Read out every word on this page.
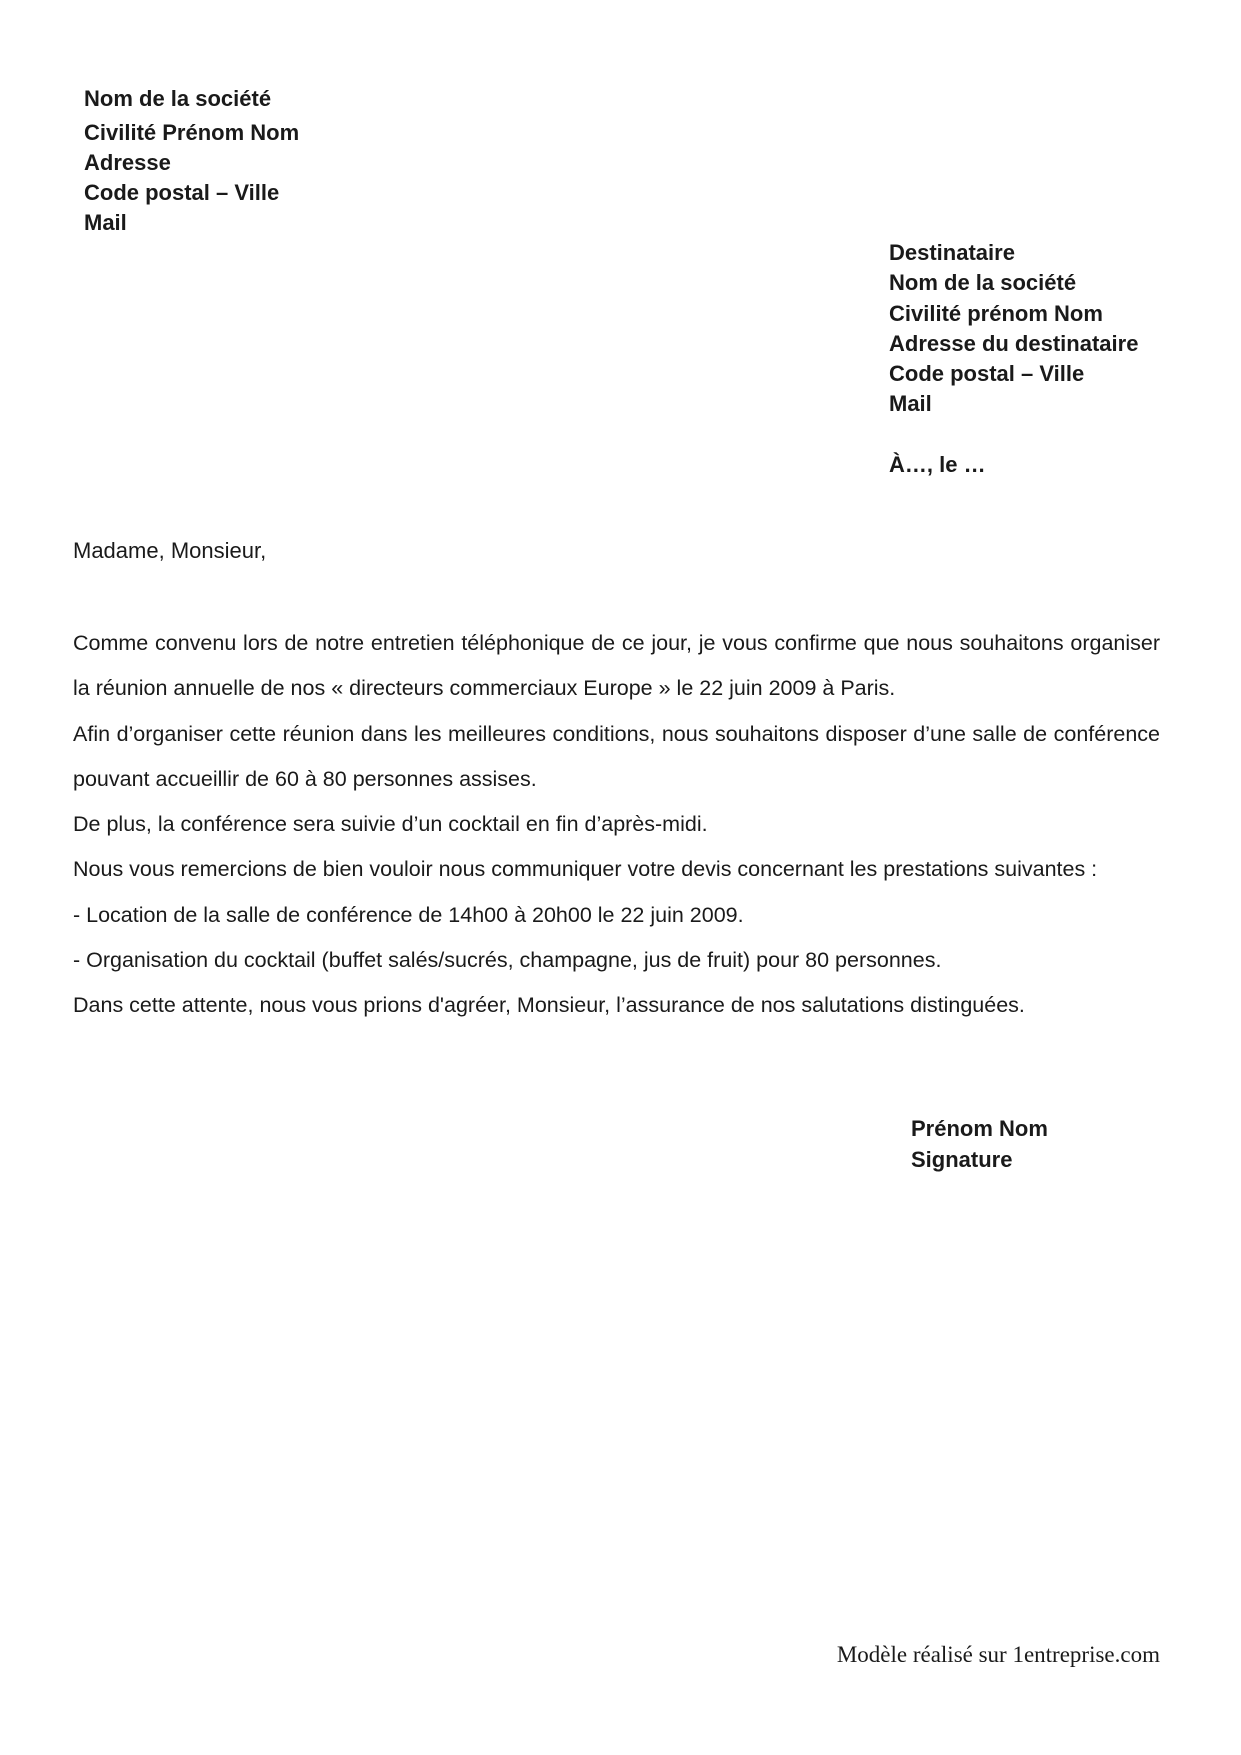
Nom de la société
Civilité Prénom Nom
Adresse
Code postal – Ville
Mail
Destinataire
Nom de la société
Civilité prénom Nom
Adresse du destinataire
Code postal – Ville
Mail
À…, le …
Madame, Monsieur,

Comme convenu lors de notre entretien téléphonique de ce jour, je vous confirme que nous souhaitons organiser la réunion annuelle de nos « directeurs commerciaux Europe » le 22 juin 2009 à Paris.

Afin d’organiser cette réunion dans les meilleures conditions, nous souhaitons disposer d’une salle de conférence pouvant accueillir de 60 à 80 personnes assises.

De plus, la conférence sera suivie d’un cocktail en fin d’après-midi.

Nous vous remercions de bien vouloir nous communiquer votre devis concernant les prestations suivantes :

- Location de la salle de conférence de 14h00 à 20h00 le 22 juin 2009.

- Organisation du cocktail (buffet salés/sucrés, champagne, jus de fruit) pour 80 personnes.

Dans cette attente, nous vous prions d'agréer, Monsieur, l’assurance de nos salutations distinguées.

Prénom Nom
Signature
Modèle réalisé sur 1entreprise.com
